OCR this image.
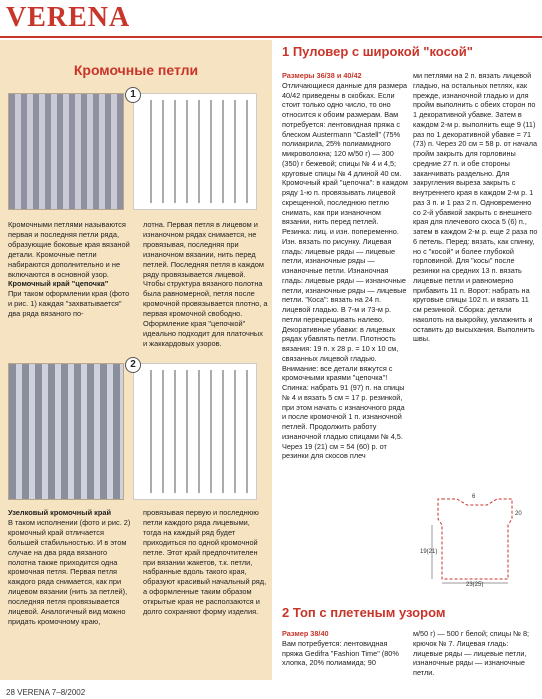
VERENA
Кромочные петли
1
Кромочными петлями называются первая и последняя петли ряда, образующие боковые края вязаной детали. Кромочные петли набираются дополнительно и не включаются в основной узор.
лотна. Первая петля в лицевом и изнаночном рядах снимается, не провязывая, последняя при изнаночном вязании, нить перед петлей. Последняя петля в каждом ряду провязывается лицевой. Чтобы структура вязаного полотна была равномерной, петля после кромочной провязывается плотно, а первая кромочной свободно. Оформление края "цепочкой" идеально подходит для платочных и жаккардовых узоров.
Кромочный край "цепочка"
При таком оформлении края (фото и рис. 1) каждая "захватывается" два ряда вязаного по-
2
Узелковый кромочный край
В таком исполнении (фото и рис. 2) кромочный край отличается большей стабильностью. И в этом случае на два ряда вязаного полотна также приходится одна кромочная петля. Первая петля каждого ряда снимается, как при лицевом вязании (нить за петлей), последняя петля провязывается лицевой. Аналогичный вид можно придать кромочному краю,
провязывая первую и последнюю петли каждого ряда лицевыми, тогда на каждый ряд будет приходиться по одной кромочной петле. Этот край предпочтителен при вязании жакетов, т.к. петли, набранные вдоль такого края, образуют красивый начальный ряд, а оформленные таким образом открытые края не расползаются и долго сохраняют форму изделия.
1 Пуловер с широкой "косой"
Размеры 36/38 и 40/42
Отличающиеся данные для размера 40/42 приведены в скобках. Если стоит только одно число, то оно относится к обоим размерам. Вам потребуется: лентовидная пряжа с блеском Austermann "Castell" (75% полиакрила, 25% полиамидного микроволокна; 120 м/50 г) — 300 (350) г бежевой; спицы № 4 и 4,5; круговые спицы № 4 длиной 40 см. Кромочный край "цепочка": в каждом ряду 1-ю п. провязывать лицевой скрещенной, последнюю петлю снимать, как при изнаночном вязании, нить перед петлей. Резинка: лиц. и изн. попеременно. Изн. вязать по рисунку. Лицевая гладь: лицевые ряды — лицевые петли, изнаночные ряды — изнаночные петли. Изнаночная гладь: лицевые ряды — изнаночные петли, изнаночные ряды — лицевые петли. "Коса": вязать на 24 п. лицевой гладью. В 7-м и 73-м р. петли перекрещивать налево. Декоративные убавки: в лицевых рядах убавлять петли. Плотность вязания: 19 п. х 28 р. = 10 х 10 см, связанных лицевой гладью. Внимание: все детали вяжутся с кромочными краями "цепочка"! Спинка: набрать 91 (97) п. на спицы № 4 и вязать 5 см = 17 р. резинкой, при этом начать с изнаночного ряда и после кромочной 1 п. изнаночной петлей. Продолжить работу изнаночной гладью спицами № 4,5. Через 19 (21) см = 54 (60) р. от резинки для скосов плеч
ми петлями на 2 п. вязать лицевой гладью, на остальных петлях, как прежде, изнаночной гладью и для пройм выполнить с обеих сторон по 1 декоративной убавке. Затем в каждом 2-м р. выполнить еще 9 (11) раз по 1 декоративной убавке = 71 (73) п. Через 20 см = 58 р. от начала пройм закрыть для горловины средние 27 п. и обе стороны заканчивать раздельно. Для закругления выреза закрыть с внутреннего края в каждом 2-м р. 1 раз 3 п. и 1 раз 2 п. Одновременно со 2-й убавкой закрыть с внешнего края для плечевого скоса 5 (6) п., затем в каждом 2-м р. еще 2 раза по 6 петель. Перед: вязать, как спинку, но с "косой" и более глубокой горловиной. Для "косы" после резинки на средних 13 п. вязать лицевые петли и равномерно прибавить 11 п. Ворот: набрать на круговые спицы 102 п. и вязать 11 см резинкой. Сборка: детали наколоть на выкройку, увлажнить и оставить до высыхания. Выполнить швы.
23(25)
19(21)
6
20
2 Топ с плетеным узором
Размер 38/40
Вам потребуется: лентовидная пряжа Gedifra "Fashion Time" (80% хлопка, 20% полиамида; 90
м/50 г) — 500 г белой; спицы № 8; крючок № 7. Лицевая гладь: лицевые ряды — лицевые петли, изнаночные ряды — изнаночные петли.
28 VERENA 7–8/2002
